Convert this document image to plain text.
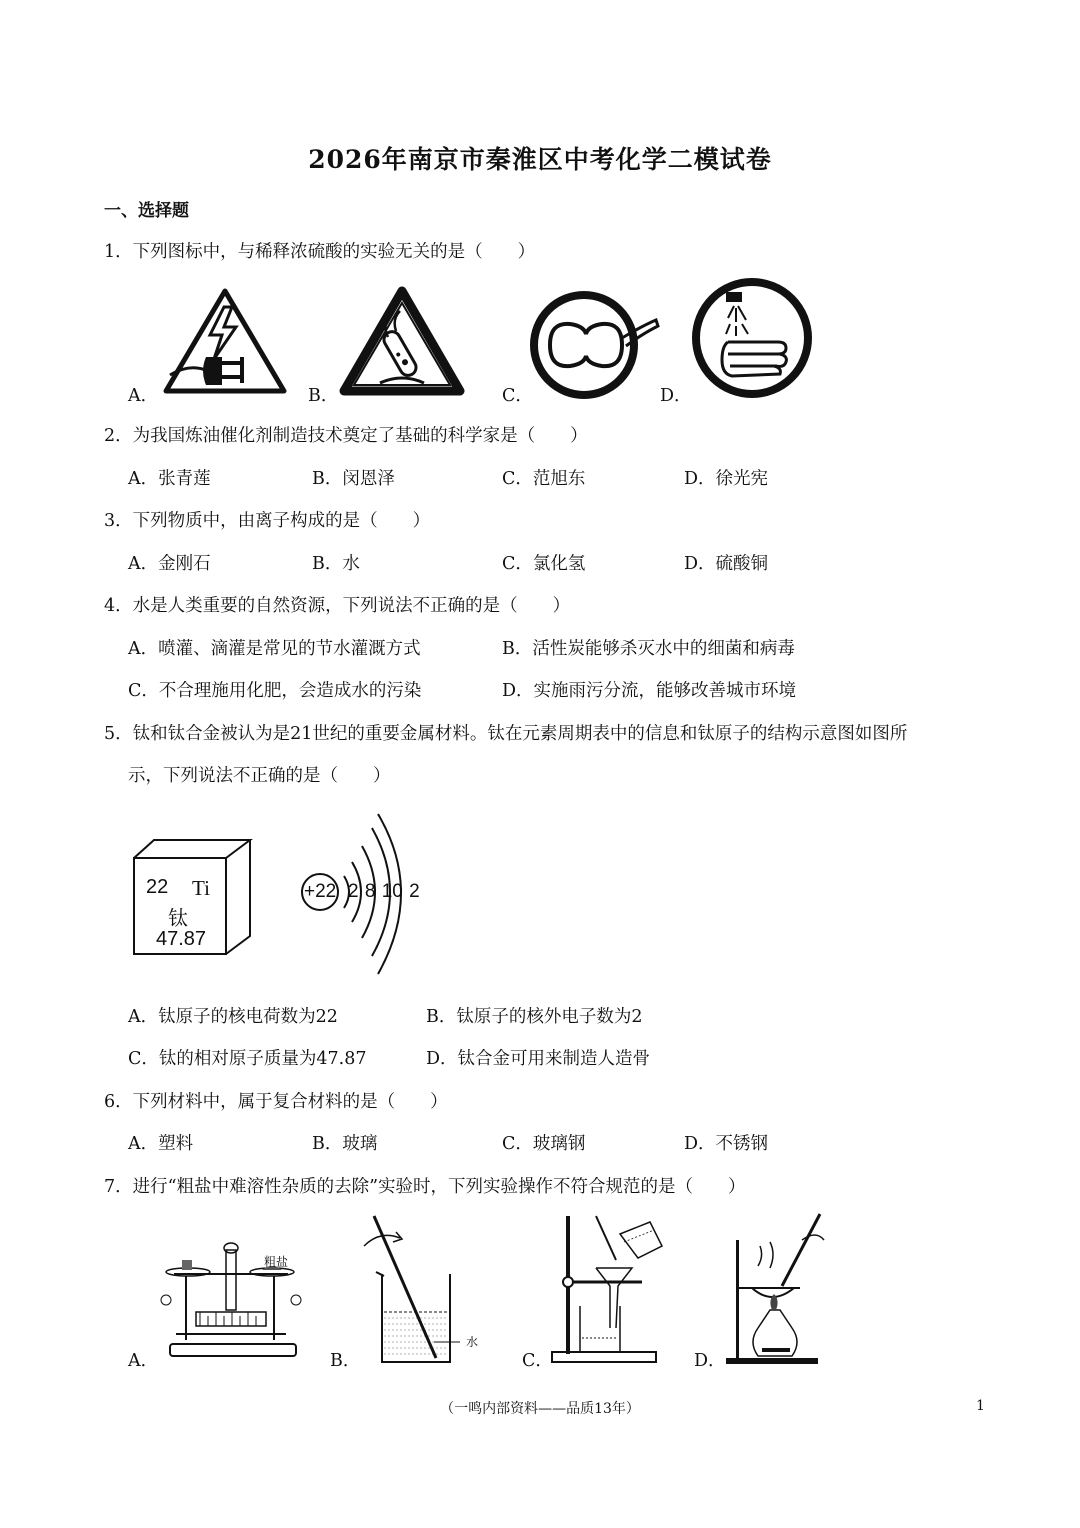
2026年南京市秦淮区中考化学二模试卷
一、选择题
1．下列图标中，与稀释浓硫酸的实验无关的是（　　）
A．	B．	C．	D．
2．为我国炼油催化剂制造技术奠定了基础的科学家是（　　）
A．张青莲	B．闵恩泽	C．范旭东	D．徐光宪
3．下列物质中，由离子构成的是（　　）
A．金刚石	B．水	C．氯化氢	D．硫酸铜
4．水是人类重要的自然资源，下列说法不正确的是（　　）
A．喷灌、滴灌是常见的节水灌溉方式	B．活性炭能够杀灭水中的细菌和病毒
C．不合理施用化肥，会造成水的污染	D．实施雨污分流，能够改善城市环境
5．钛和钛合金被认为是21世纪的重要金属材料。钛在元素周期表中的信息和钛原子的结构示意图如图所
示，下列说法不正确的是（　　）
22 Ti
钛
47.87
+22 2 8 10 2
A．钛原子的核电荷数为22	B．钛原子的核外电子数为2
C．钛的相对原子质量为47.87	D．钛合金可用来制造人造骨
6．下列材料中，属于复合材料的是（　　）
A．塑料	B．玻璃	C．玻璃钢	D．不锈钢
7．进行“粗盐中难溶性杂质的去除”实验时，下列实验操作不符合规范的是（　　）
粗盐
A．
水
B．	C．	D．
（一鸣内部资料——品质13年）	1
